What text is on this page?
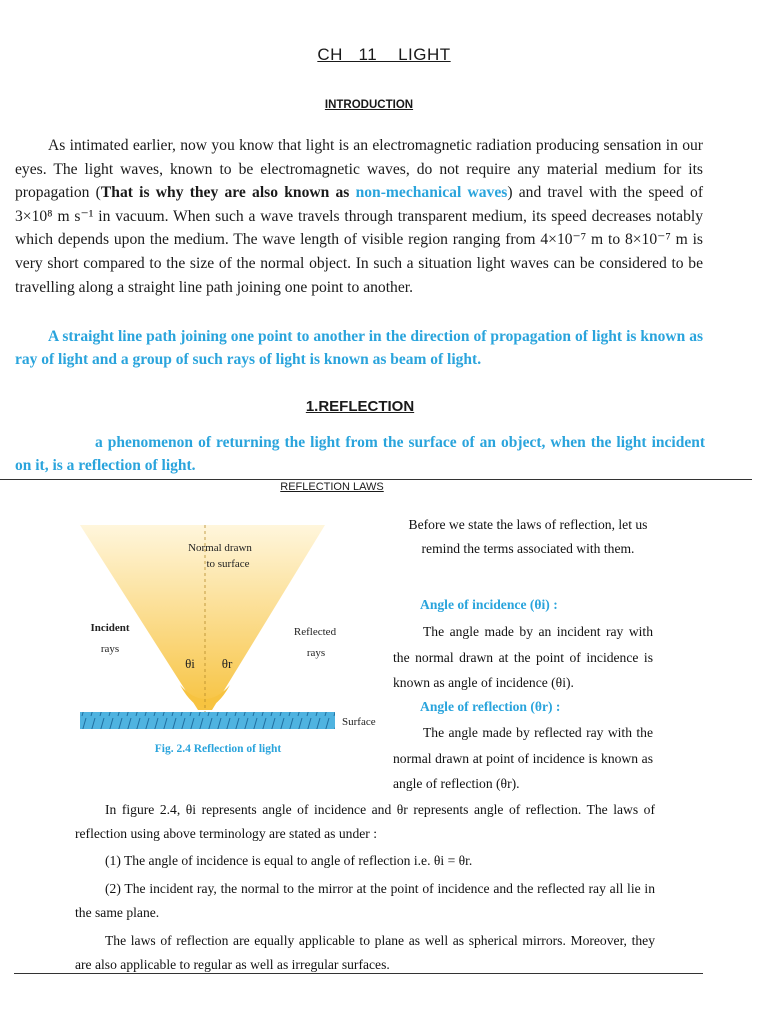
CH   11    LIGHT
INTRODUCTION
As intimated earlier, now you know that light is an electromagnetic radiation producing sensation in our eyes. The light waves, known to be electromagnetic waves, do not require any material medium for its propagation (That is why they are also known as non-mechanical waves) and travel with the speed of 3×10⁸ m s⁻¹ in vacuum. When such a wave travels through transparent medium, its speed decreases notably which depends upon the medium. The wave length of visible region ranging from 4×10⁻⁷ m to 8×10⁻⁷ m is very short compared to the size of the normal object. In such a situation light waves can be considered to be travelling along a straight line path joining one point to another.
A straight line path joining one point to another in the direction of propagation of light is known as ray of light and a group of such rays of light is known as beam of light.
1.REFLECTION
a phenomenon of returning the light from the surface of an object, when the light incident on it, is a reflection of light.
REFLECTION LAWS
Normal drawn
to surface
Incident
rays
Reflected
rays
θi θr
Surface
Fig. 2.4 Reflection of light
Before we state the laws of reflection, let us remind the terms associated with them.
Angle of incidence (θi) :
The angle made by an incident ray with the normal drawn at the point of incidence is known as angle of incidence (θi).
Angle of reflection (θr) :
The angle made by reflected ray with the normal drawn at point of incidence is known as angle of reflection (θr).
In figure 2.4, θi represents angle of incidence and θr represents angle of reflection. The laws of reflection using above terminology are stated as under :
(1) The angle of incidence is equal to angle of reflection i.e. θi = θr.
(2) The incident ray, the normal to the mirror at the point of incidence and the reflected ray all lie in the same plane.
The laws of reflection are equally applicable to plane as well as spherical mirrors. Moreover, they are also applicable to regular as well as irregular surfaces.
